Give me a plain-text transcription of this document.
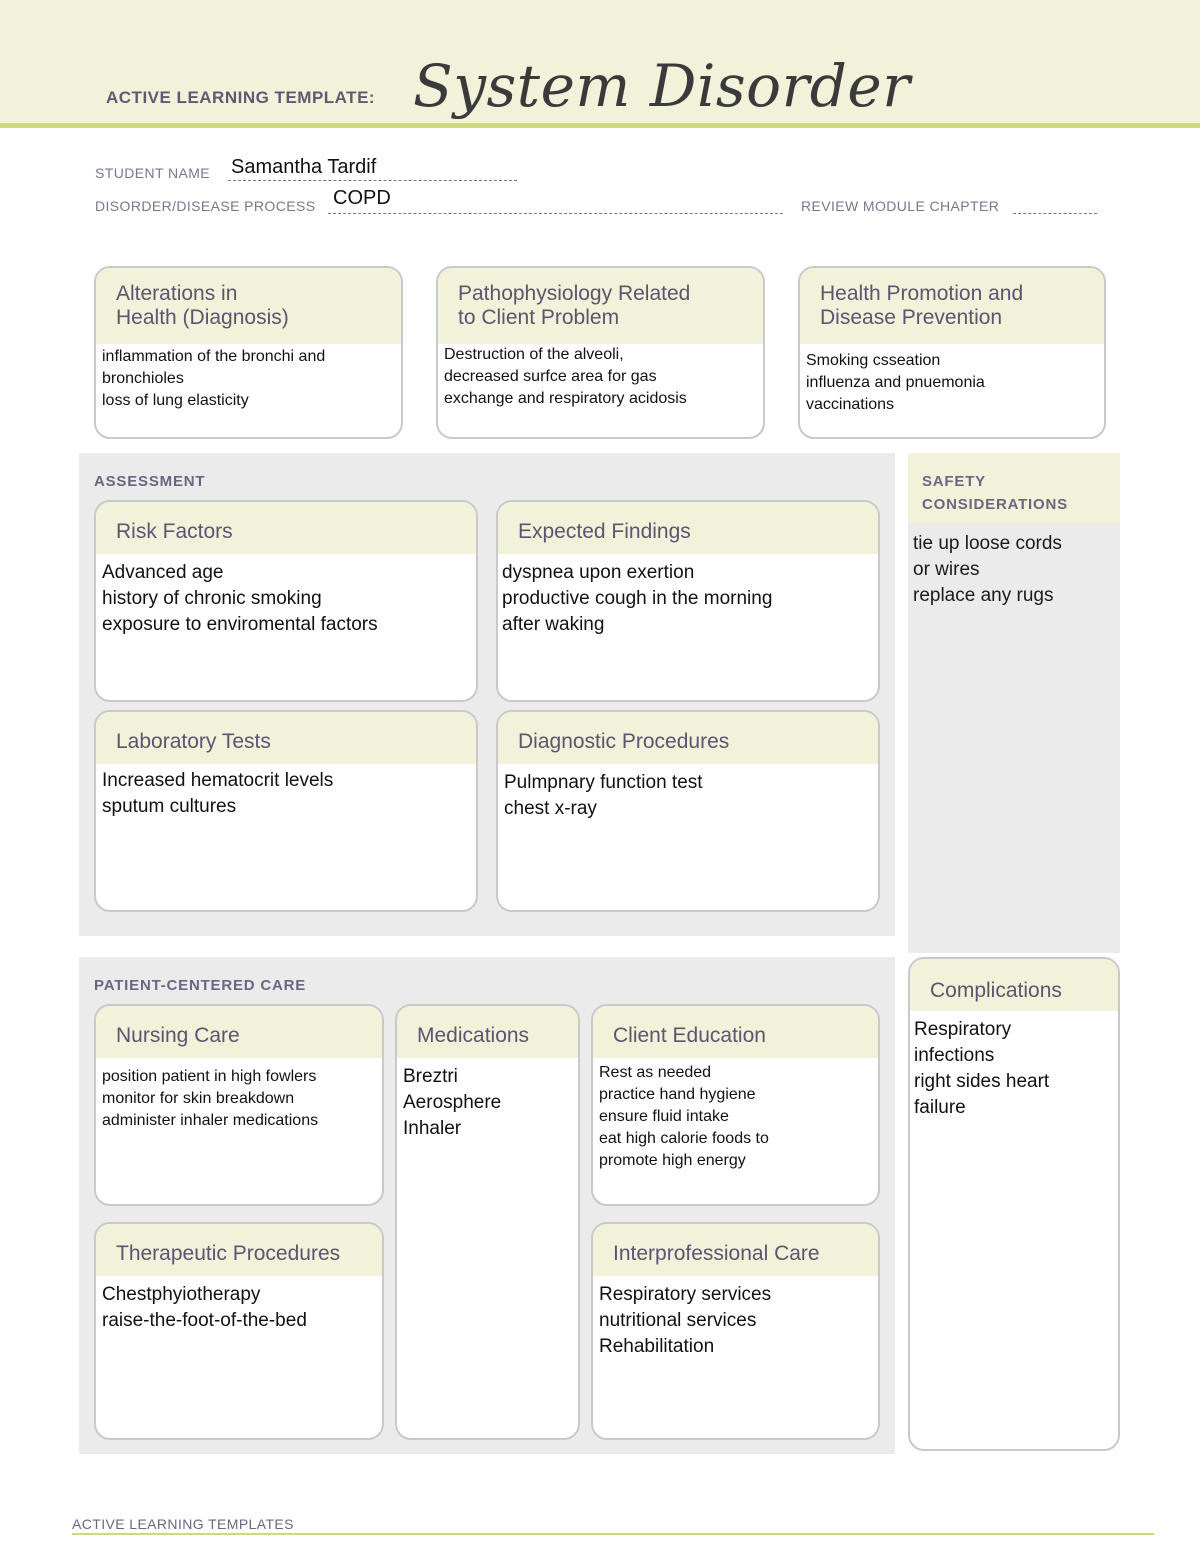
ACTIVE LEARNING TEMPLATE: System Disorder
STUDENT NAME Samantha Tardif
DISORDER/DISEASE PROCESS COPD	REVIEW MODULE CHAPTER
Alterations in
Health (Diagnosis)
inflammation of the bronchi and
bronchioles
loss of lung elasticity
Pathophysiology Related
to Client Problem
Destruction of the alveoli,
decreased surfce area for gas
exchange and respiratory acidosis
Health Promotion and
Disease Prevention
Smoking csseation
influenza and pnuemonia
vaccinations
ASSESSMENT
Risk Factors
Advanced age
history of chronic smoking
exposure to enviromental factors
Expected Findings
dyspnea upon exertion
productive cough in the morning
after waking
Laboratory Tests
Increased hematocrit levels
sputum cultures
Diagnostic Procedures
Pulmpnary function test
chest x-ray
SAFETY
CONSIDERATIONS
tie up loose cords
or wires
replace any rugs
PATIENT-CENTERED CARE
Nursing Care
position patient in high fowlers
monitor for skin breakdown
administer inhaler medications
Medications
Breztri
Aerosphere
Inhaler
Client Education
Rest as needed
practice hand hygiene
ensure fluid intake
eat high calorie foods to
promote high energy
Therapeutic Procedures
Chestphyiotherapy
raise-the-foot-of-the-bed
Interprofessional Care
Respiratory services
nutritional services
Rehabilitation
Complications
Respiratory
infections
right sides heart
failure
ACTIVE LEARNING TEMPLATES
